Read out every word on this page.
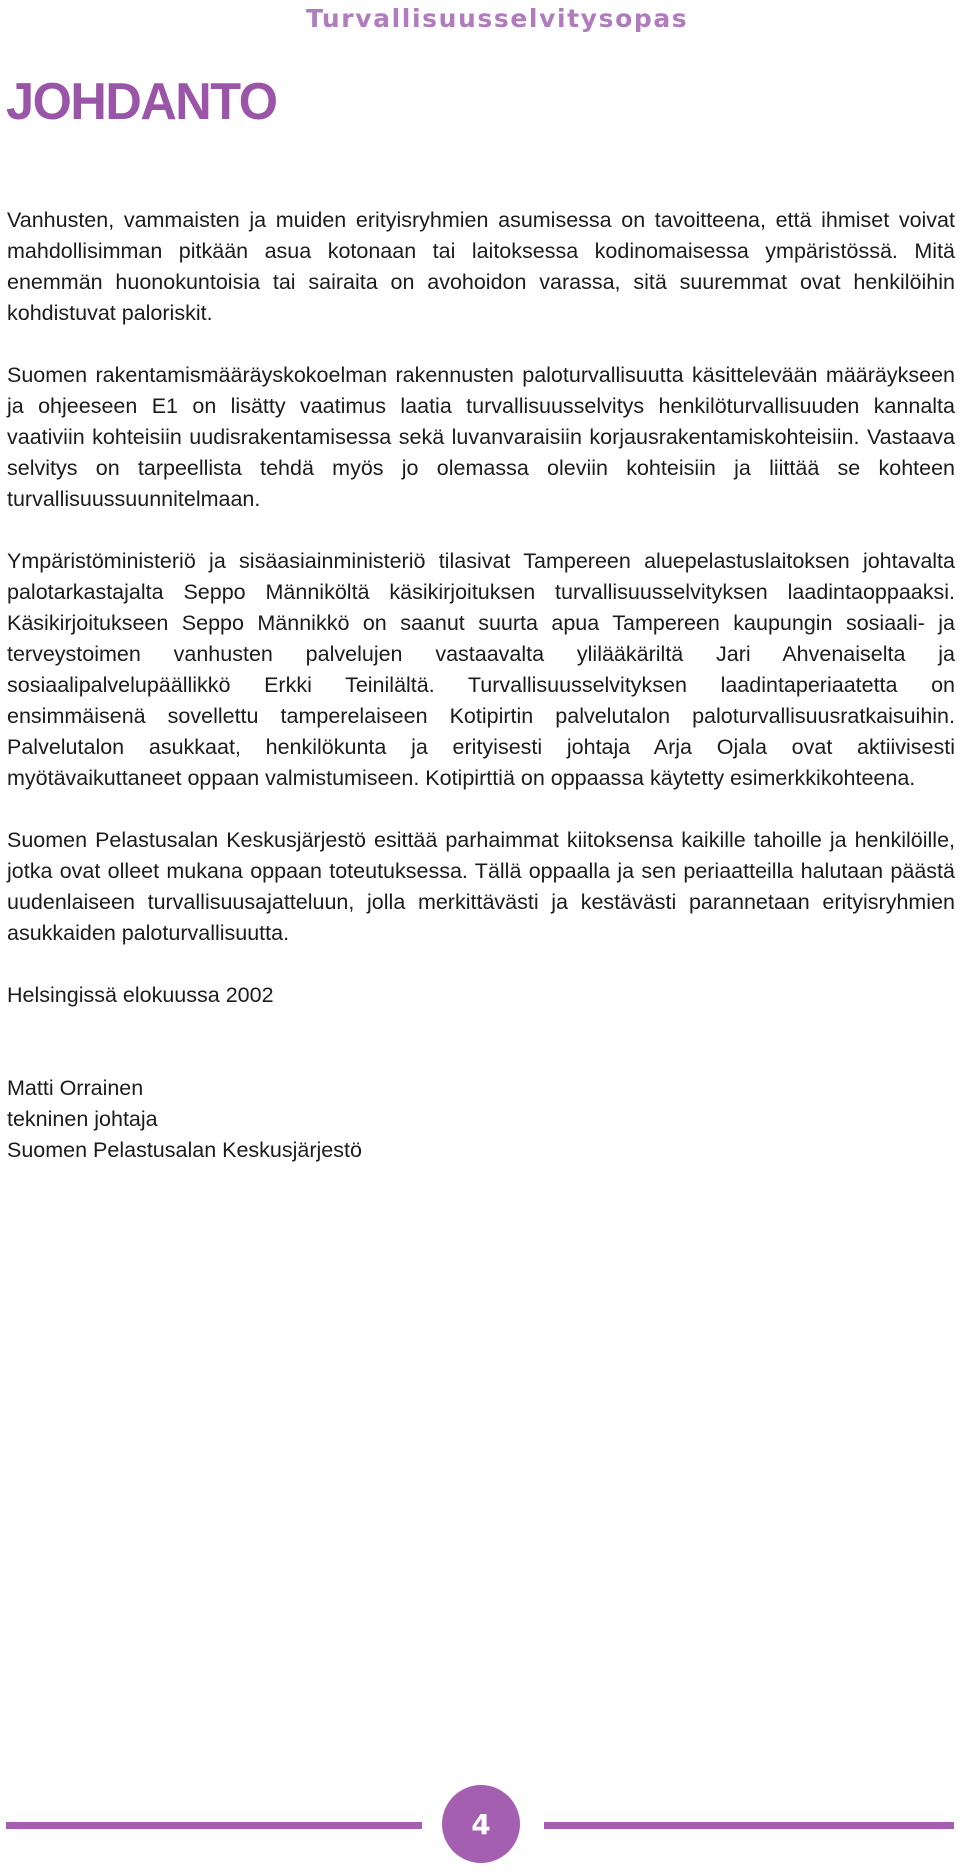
Turvallisuusselvitysopas
JOHDANTO

Vanhusten, vammaisten ja muiden erityisryhmien asumisessa on tavoitteena, että ihmiset voivat mahdollisimman pitkään asua kotonaan tai laitoksessa kodinomaisessa ympäristössä. Mitä enemmän huonokuntoisia tai sairaita on avohoidon varassa, sitä suuremmat ovat henkilöihin kohdistuvat paloriskit.

Suomen rakentamismääräyskokoelman rakennusten paloturvallisuutta käsittelevään määräykseen ja ohjeeseen E1 on lisätty vaatimus laatia turvallisuusselvitys henkilöturvallisuuden kannalta vaativiin kohteisiin uudisrakentamisessa sekä luvanvaraisiin korjausrakentamiskohteisiin. Vastaava selvitys on tarpeellista tehdä myös jo olemassa oleviin kohteisiin ja liittää se kohteen turvallisuussuunnitelmaan.

Ympäristöministeriö ja sisäasiainministeriö tilasivat Tampereen aluepelastuslaitoksen johtavalta palotarkastajalta Seppo Männiköltä käsikirjoituksen turvallisuusselvityksen laadintaoppaaksi. Käsikirjoitukseen Seppo Männikkö on saanut suurta apua Tampereen kaupungin sosiaali- ja terveystoimen vanhusten palvelujen vastaavalta ylilääkäriltä Jari Ahvenaiselta ja sosiaalipalvelupäällikkö Erkki Teinilältä. Turvallisuusselvityksen laadintaperiaatetta on ensimmäisenä sovellettu tamperelaiseen Kotipirtin palvelutalon paloturvallisuusratkaisuihin. Palvelutalon asukkaat, henkilökunta ja erityisesti johtaja Arja Ojala ovat aktiivisesti myötävaikuttaneet oppaan valmistumiseen. Kotipirttiä on oppaassa käytetty esimerkkikohteena.

Suomen Pelastusalan Keskusjärjestö esittää parhaimmat kiitoksensa kaikille tahoille ja henkilöille, jotka ovat olleet mukana oppaan toteutuksessa. Tällä oppaalla ja sen periaatteilla halutaan päästä uudenlaiseen turvallisuusajatteluun, jolla merkittävästi ja kestävästi parannetaan erityisryhmien asukkaiden paloturvallisuutta.

Helsingissä elokuussa 2002
Matti Orrainen
tekninen johtaja
Suomen Pelastusalan Keskusjärjestö
4
